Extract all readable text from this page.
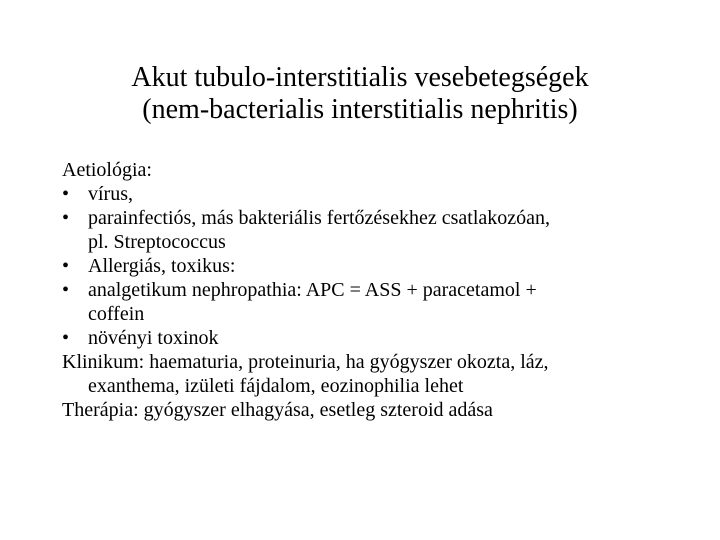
Akut tubulo-interstitialis vesebetegségek
(nem-bacterialis interstitialis nephritis)
Aetiológia:
• vírus,
• parainfectiós, más bakteriális fertőzésekhez csatlakozóan,
pl. Streptococcus
• Allergiás, toxikus:
• analgetikum nephropathia: APC = ASS + paracetamol +
coffein
• növényi toxinok
Klinikum: haematuria, proteinuria, ha gyógyszer okozta, láz,
exanthema, izületi fájdalom, eozinophilia lehet
Therápia: gyógyszer elhagyása, esetleg szteroid adása
